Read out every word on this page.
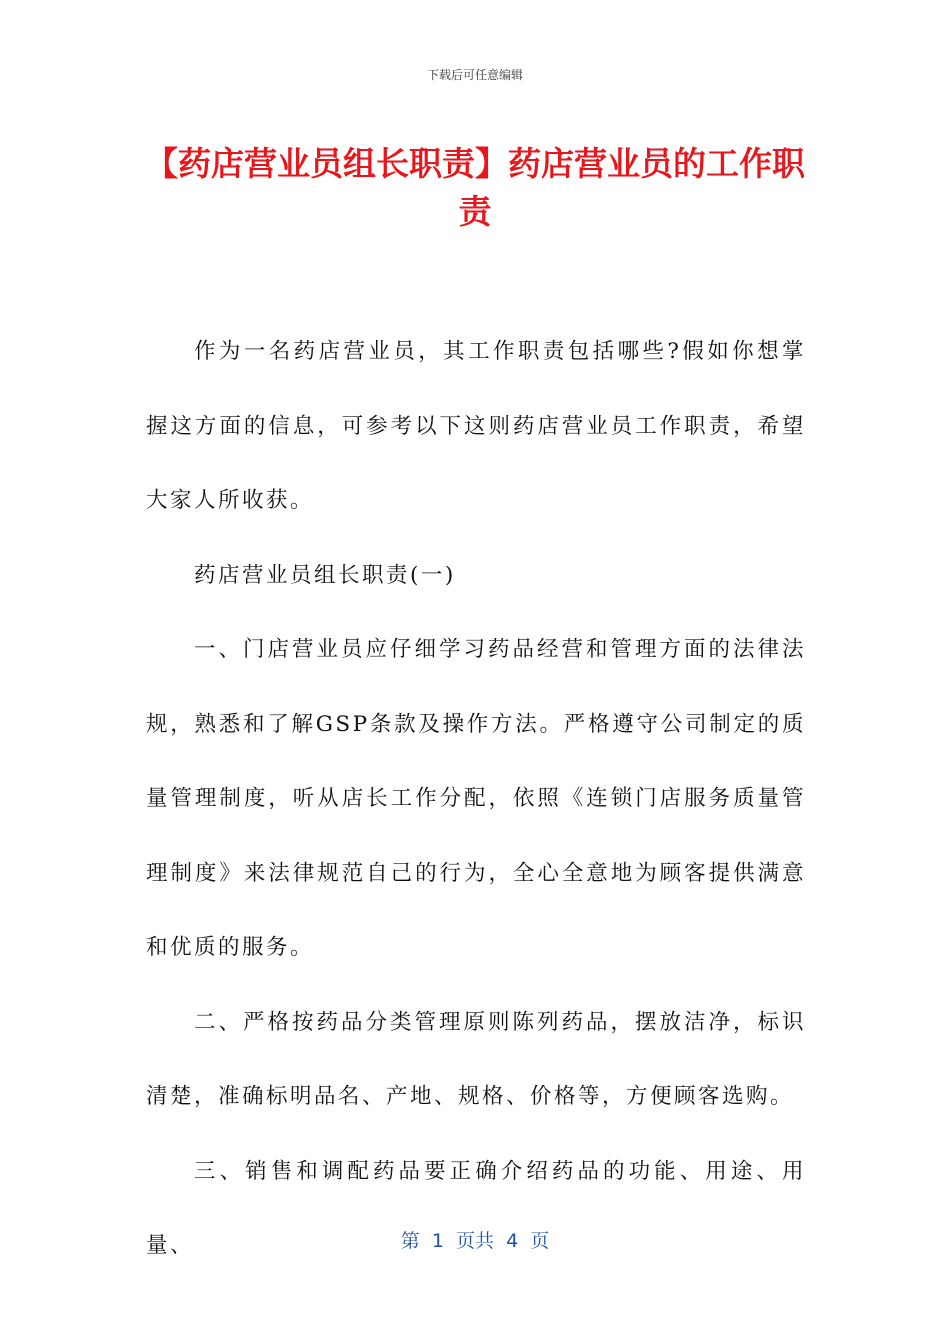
下载后可任意编辑
【药店营业员组长职责】药店营业员的工作职责

作为一名药店营业员，其工作职责包括哪些?假如你想掌握这方面的信息，可参考以下这则药店营业员工作职责，希望大家人所收获。

药店营业员组长职责(一)

一、门店营业员应仔细学习药品经营和管理方面的法律法规，熟悉和了解GSP条款及操作方法。严格遵守公司制定的质量管理制度，听从店长工作分配，依照《连锁门店服务质量管理制度》来法律规范自己的行为，全心全意地为顾客提供满意和优质的服务。

二、严格按药品分类管理原则陈列药品，摆放洁净，标识清楚，准确标明品名、产地、规格、价格等，方便顾客选购。

三、销售和调配药品要正确介绍药品的功能、用途、用量、	第  1  页共  4  页
